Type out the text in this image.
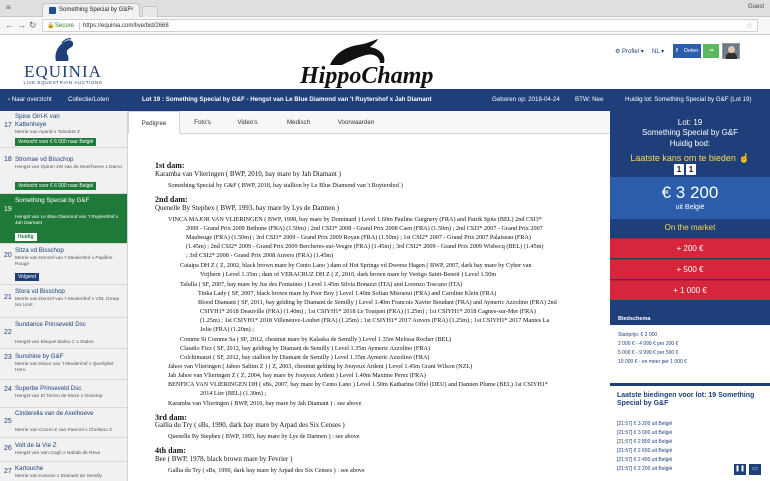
≡	Something Special by G&F
×	Guest
← → ↻ 🔒 Secure https://equinia.com/live/bid/2668	☆
EQUINIA
LIVE EQUESTRIAN AUCTIONS	HippoChamp
⚙ Profiel ▾ NL ▾ f Delen	⇥
‹ Naar overzicht	Collectie/Loten	Lot 19 : Something Special by G&F - Hengst van Le Blue Diamond van 't Ruytershof x Jah Diamant	Geboren op: 2018-04-24 BTW: Nee	Huidig lot: Something Special by G&F (Lot 19)
17
Spice Girl-K van
Kattenheye
Merrie van Apardi x Taloubet Z
Verkocht voor € 6 000 naar België
18 Stromae vd Bisschop
Hengst van Opium JW van de Moerhoeve x Darco
Verkocht voor € 6 000 naar België
19
Something Special by G&F
Hengst van Le Blue Diamond van 't Ruytershof x Jah Diamant
Huidig
20
Sitza vd Bisschop
Merrie van Denzel van 't Meulenhof x Papillon Rouge
Volgend
21
Stora vd Bisschop
Merrie van Denzel van 't Meulenhof x VDL Groep No Limit
22
Sundance Prinseveld Dsc
Hengst van Bisquet Balou C x Stalon
23 Sunshine by G&F
Merrie van Nixon van 't Meulenhof x Querlybet Hero
24 Superbe Prinseveld Dsc
Hengst van El Torreo de Muze x Nonstop
25
Cinderella van de Axelhoeve
Merrie van Cicero Z van Paemel x Chellano Z
26 Volt de la Vie Z
Hengst van Van Gogh x Nabab de Reve
27 Kartouche
Merrie van Kannan x Diamant de Semilly
Pedigree	Foto's	Video's	Medisch	Voorwaarden
1st dam:
Karamba van Vlieringen ( BWP, 2010, bay mare by Jah Diamant )
Something Special by G&F ( BWP, 2018, bay stallion by Le Blue Diamond van 't Ruytershof )
2nd dam:
Quenelle By Stephex ( BWP, 1993, bay mare by Lys de Darmen )
VINCA MAJOR VAN VLIERINGEN ( BWP, 1998, bay mare by Dominard ) Level 1.60m Pauline Guignery (FRA) and Patrik Spits (BEL) 2nd CSI3*
2009 - Grand Prix 2009 Bethune (FRA) (1.50m) ; 2nd CSI3* 2008 - Grand Prix 2008 Caen (FRA) (1.50m) ; 2nd CSI3* 2007 - Grand Prix 2007
Maubeuge (FRA) (1.50m) ; 3rd CSI3* 2009 - Grand Prix 2009 Royan (FRA) (1.50m) ; 1st CSI2* 2007 - Grand Prix 2007 Palaiseau (FRA)
(1.45m) ; 2nd CSI2* 2009 - Grand Prix 2009 Bercheres-sur-Vesgre (FRA) (1.45m) ; 3rd CSI2* 2009 - Grand Prix 2009 Wisbecq (BEL) (1.45m)
; 3rd CSI2* 2008 - Grand Prix 2008 Auvers (FRA) (1.45m)
Cataipa DH Z ( Z, 2002, black brown mare by Cento Lano ) dam of Hot Springs vd Dwerse Hagen ( BWP, 2007, dark bay mare by Cyber van
Vrijhern ) Level 1.35m ; dam of VERACRUZ DH Z ( Z, 2010, dark brown mare by Vertigo Saint-Benoit ) Level 1.50m
Talulla ( SF, 2007, bay mare by Jus des Fontaines ) Level 1.45m Silvia Bonazzi (ITA) and Lorenzo Toscano (ITA)
Tinka Lady ( SF, 2007, black brown mare by Poor Boy ) Level 1.40m Sofian Misraoui (FRA) and Caroline Klein (FRA)
Blood Diamant ( SF, 2011, bay gelding by Diamant de Semilly ) Level 1.40m Francois Xavier Boudant (FRA) and Aymeric Azzolino (FRA) 2nd
CSIYH1* 2018 Deauville (FRA) (1.40m) ; 1st CSIYH1* 2018 Le Touquet (FRA) (1.25m) ; 1st CSIYH1* 2018 Cagnes-sur-Mer (FRA)
(1.25m) ; 1st CSIYH1* 2018 Villeneuve-Loubet (FRA) (1.25m) ; 1st CSIYH1* 2017 Auvers (FRA) (1.25m) ; 1st CSIYH1* 2017 Mantes La
Jolie (FRA) (1.20m) ;
Comme Si Comme Sa ( SF, 2012, chestnut mare by Kalaska de Semilly ) Level 1.35m Melissa Rocher (BEL)
Claudio Fizz ( SF, 2012, bay gelding by Diamant de Semilly ) Level 1.35m Aymeric Azzolino (FRA)
Colchimanzi ( SF, 2012, bay stallion by Diamant de Semilly ) Level 1.35m Aymeric Azzolino (FRA)
Jahoo van Vlieringen ( Jahoo Saltim Z ) ( Z, 2003, chestnut gelding by Jouyeux Ardent ) Level 1.45m Grant Wilson (NZL)
Jah Jahoe van Vlieringen Z ( Z, 2004, bay mare by Jouyeux Ardent ) Level 1.40m Maxime Perez (FRA)
BENFICA VAN VLIERINGEN DH ( sBs, 2007, bay mare by Cento Lano ) Level 1.50m Katharina Offel (DEU) and Damien Plume (BEL) 1st CSIYH1*
2014 Lier (BEL) (1.30m) ;
Karamba van Vlieringen ( BWP, 2010, bay mare by Jah Diamant ) : see above
3rd dam:
Gallia du Try ( sBs, 1990, dark bay mare by Arpad des Six Censes )
Quenelle By Stephex ( BWP, 1993, bay mare by Lys de Darmen ) : see above
4th dam:
Bee ( BWP, 1978, black brown mare by Fevrier )
Gallia du Try ( sBs, 1990, dark bay mare by Arpad des Six Censes ) : see above
Lot: 19
Something Special by G&F
Huidig bod:
Laatste kans om te bieden ☝
1 1
€ 3 200
uit België
On the market
+ 200 €
+ 500 €
+ 1 000 €
Biedschema
Startprijs: € 2 000
2 000 € - 4 999 € per 200 €
5 000 € - 9 999 € per 500 €
10 000 € - en meer per 1 000 €
Laatste biedingen voor lot: 19 Something Special by G&F
[21:57] € 3 200 uit België
[21:57] € 3 000 uit België
[21:57] € 2 800 uit België
[21:57] € 2 600 uit België
[21:57] € 2 400 uit België
[21:57] € 2 200 uit België	❚❚	▭
